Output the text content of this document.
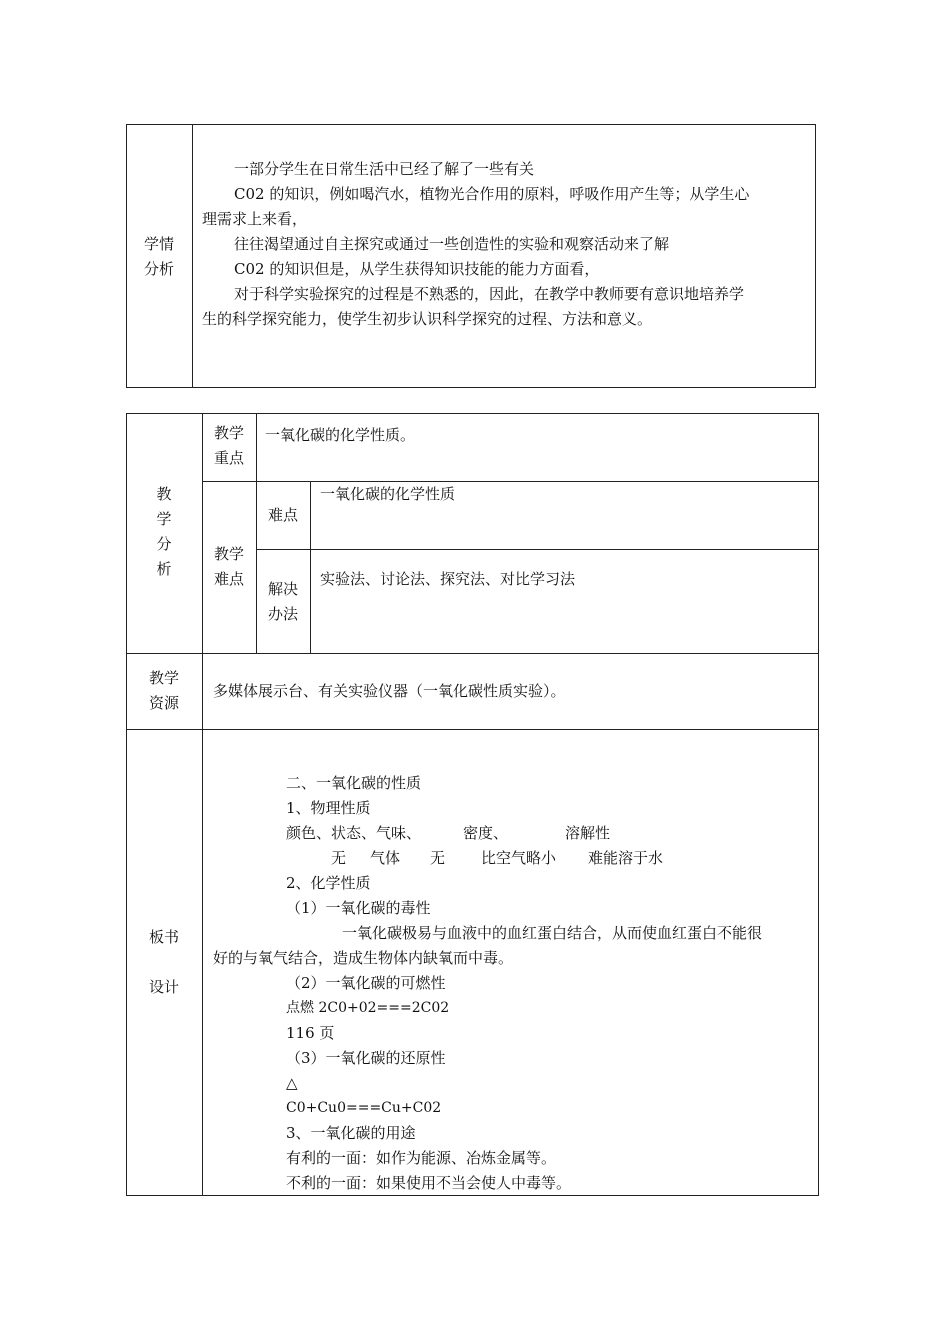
学情
分析
一部分学生在日常生活中已经了解了一些有关
C02 的知识，例如喝汽水，植物光合作用的原料，呼吸作用产生等；从学生心
理需求上来看，
往往渴望通过自主探究或通过一些创造性的实验和观察活动来了解
C02 的知识但是，从学生获得知识技能的能力方面看，
对于科学实验探究的过程是不熟悉的，因此，在教学中教师要有意识地培养学
生的科学探究能力，使学生初步认识科学探究的过程、方法和意义。
教
学
分
析
教学
重点
一氧化碳的化学性质。
教学
难点
难点
一氧化碳的化学性质
解决
办法
实验法、讨论法、探究法、对比学习法
教学
资源
多媒体展示台、有关实验仪器（一氧化碳性质实验）。
板书
设计
二、一氧化碳的性质
1、物理性质
颜色、 状态、 气味、	密度、	溶解性
无 气体 无 比空气略小 难能溶于水
2、化学性质
（1）一氧化碳的毒性
一氧化碳极易与血液中的血红蛋白结合，从而使血红蛋白不能很
好的与氧气结合，造成生物体内缺氧而中毒。
（2）一氧化碳的可燃性
点燃 2C0+02===2C02
116 页
（3）一氧化碳的还原性
△
C0+Cu0===Cu+C02
3、一氧化碳的用途
有利的一面：如作为能源、冶炼金属等。
不利的一面：如果使用不当会使人中毒等。
